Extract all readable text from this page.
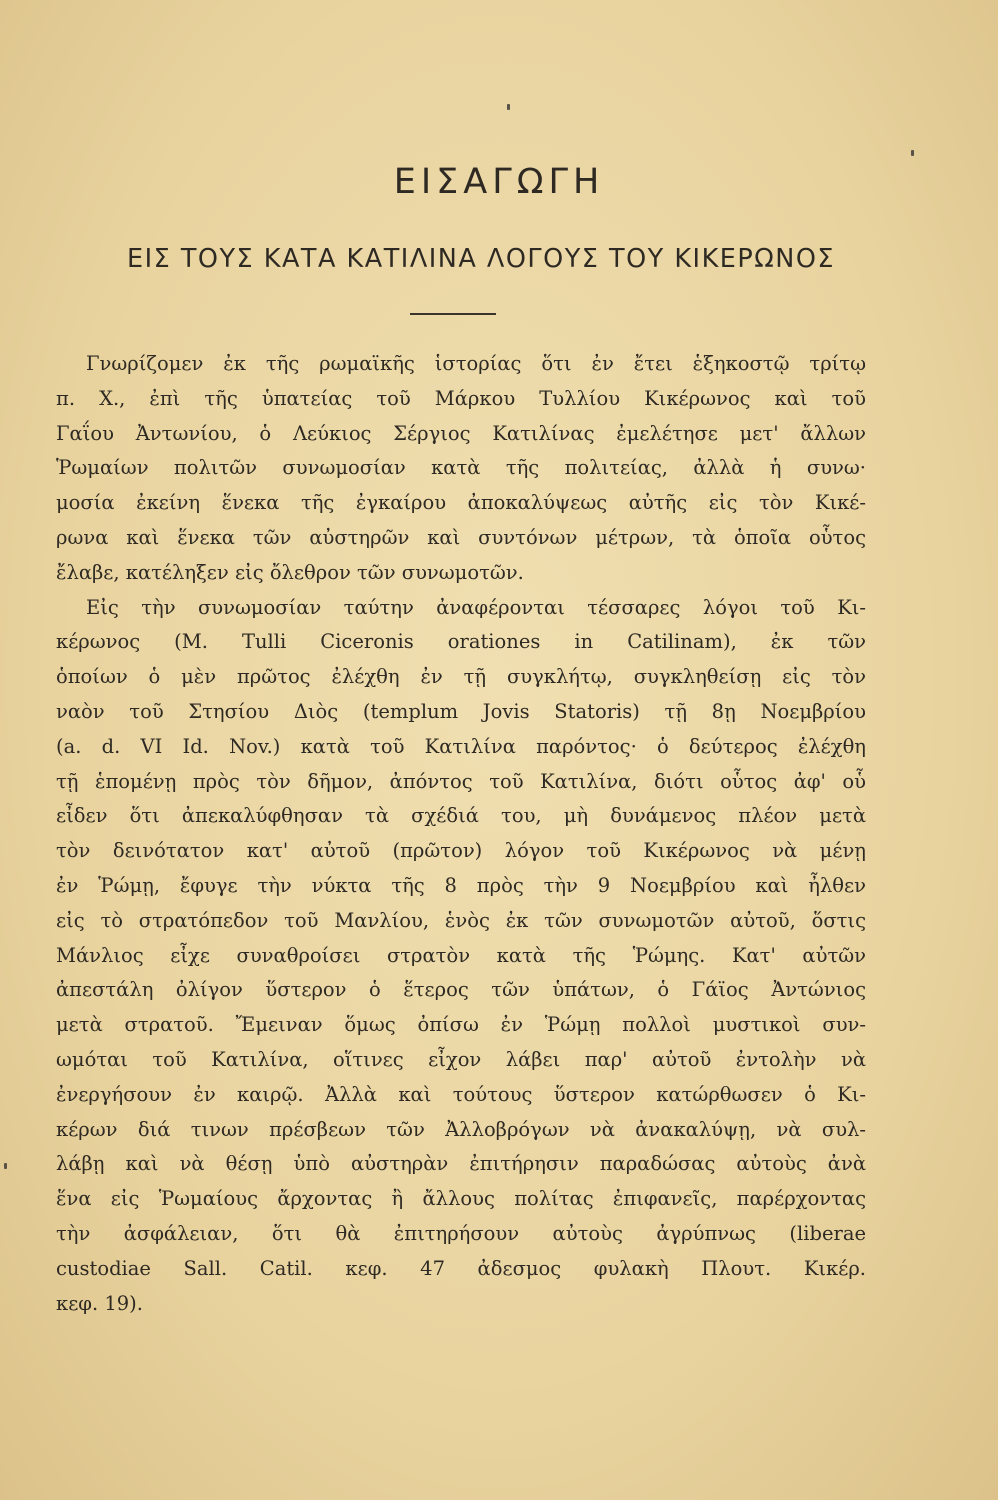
ΕΙΣΑΓΩΓΗ
ΕΙΣ ΤΟΥΣ ΚΑΤΑ ΚΑΤΙΛΙΝΑ ΛΟΓΟΥΣ ΤΟΥ ΚΙΚΕΡΩΝΟΣ
Γνωρίζομεν ἐκ τῆς ρωμαϊκῆς ἱστορίας ὅτι ἐν ἔτει ἑξηκοστῷ τρίτῳ
π. Χ., ἐπὶ τῆς ὑπατείας τοῦ Μάρκου Τυλλίου Κικέρωνος καὶ τοῦ
Γαΐου Ἀντωνίου, ὁ Λεύκιος Σέργιος Κατιλίνας ἐμελέτησε μετ' ἄλλων
Ῥωμαίων πολιτῶν συνωμοσίαν κατὰ τῆς πολιτείας, ἀλλὰ ἡ συνω·
μοσία ἐκείνη ἕνεκα τῆς ἐγκαίρου ἀποκαλύψεως αὐτῆς εἰς τὸν Κικέ-
ρωνα καὶ ἕνεκα τῶν αὐστηρῶν καὶ συντόνων μέτρων, τὰ ὁποῖα οὗτος
ἔλαβε, κατέληξεν εἰς ὄλεθρον τῶν συνωμοτῶν.
Εἰς τὴν συνωμοσίαν ταύτην ἀναφέρονται τέσσαρες λόγοι τοῦ Κι-
κέρωνος (M. Tulli Ciceronis orationes in Catilinam), ἐκ τῶν
ὁποίων ὁ μὲν πρῶτος ἐλέχθη ἐν τῇ συγκλήτῳ, συγκληθείσῃ εἰς τὸν
ναὸν τοῦ Στησίου Διὸς (templum Jovis Statoris) τῇ 8ῃ Νοεμβρίου
(a. d. VI Id. Nov.) κατὰ τοῦ Κατιλίνα παρόντος· ὁ δεύτερος ἐλέχθη
τῇ ἑπομένῃ πρὸς τὸν δῆμον, ἀπόντος τοῦ Κατιλίνα, διότι οὗτος ἀφ' οὗ
εἶδεν ὅτι ἀπεκαλύφθησαν τὰ σχέδιά του, μὴ δυνάμενος πλέον μετὰ
τὸν δεινότατον κατ' αὐτοῦ (πρῶτον) λόγον τοῦ Κικέρωνος νὰ μένῃ
ἐν Ῥώμῃ, ἔφυγε τὴν νύκτα τῆς 8 πρὸς τὴν 9 Νοεμβρίου καὶ ἦλθεν
εἰς τὸ στρατόπεδον τοῦ Μανλίου, ἑνὸς ἐκ τῶν συνωμοτῶν αὐτοῦ, ὅστις
Μάνλιος εἶχε συναθροίσει στρατὸν κατὰ τῆς Ῥώμης. Κατ' αὐτῶν
ἀπεστάλη ὀλίγον ὕστερον ὁ ἕτερος τῶν ὑπάτων, ὁ Γάϊος Ἀντώνιος
μετὰ στρατοῦ. Ἔμειναν ὅμως ὀπίσω ἐν Ῥώμῃ πολλοὶ μυστικοὶ συν-
ωμόται τοῦ Κατιλίνα, οἵτινες εἶχον λάβει παρ' αὐτοῦ ἐντολὴν νὰ
ἐνεργήσουν ἐν καιρῷ. Ἀλλὰ καὶ τούτους ὕστερον κατώρθωσεν ὁ Κι-
κέρων διά τινων πρέσβεων τῶν Ἀλλοβρόγων νὰ ἀνακαλύψῃ, νὰ συλ-
λάβῃ καὶ νὰ θέσῃ ὑπὸ αὐστηρὰν ἐπιτήρησιν παραδώσας αὐτοὺς ἀνὰ
ἕνα εἰς Ῥωμαίους ἄρχοντας ἢ ἄλλους πολίτας ἐπιφανεῖς, παρέρχοντας
τὴν ἀσφάλειαν, ὅτι θὰ ἐπιτηρήσουν αὐτοὺς ἀγρύπνως (liberae
custodiae Sall. Catil. κεφ. 47 ἀδεσμος φυλακὴ Πλουτ. Κικέρ.
κεφ. 19).
